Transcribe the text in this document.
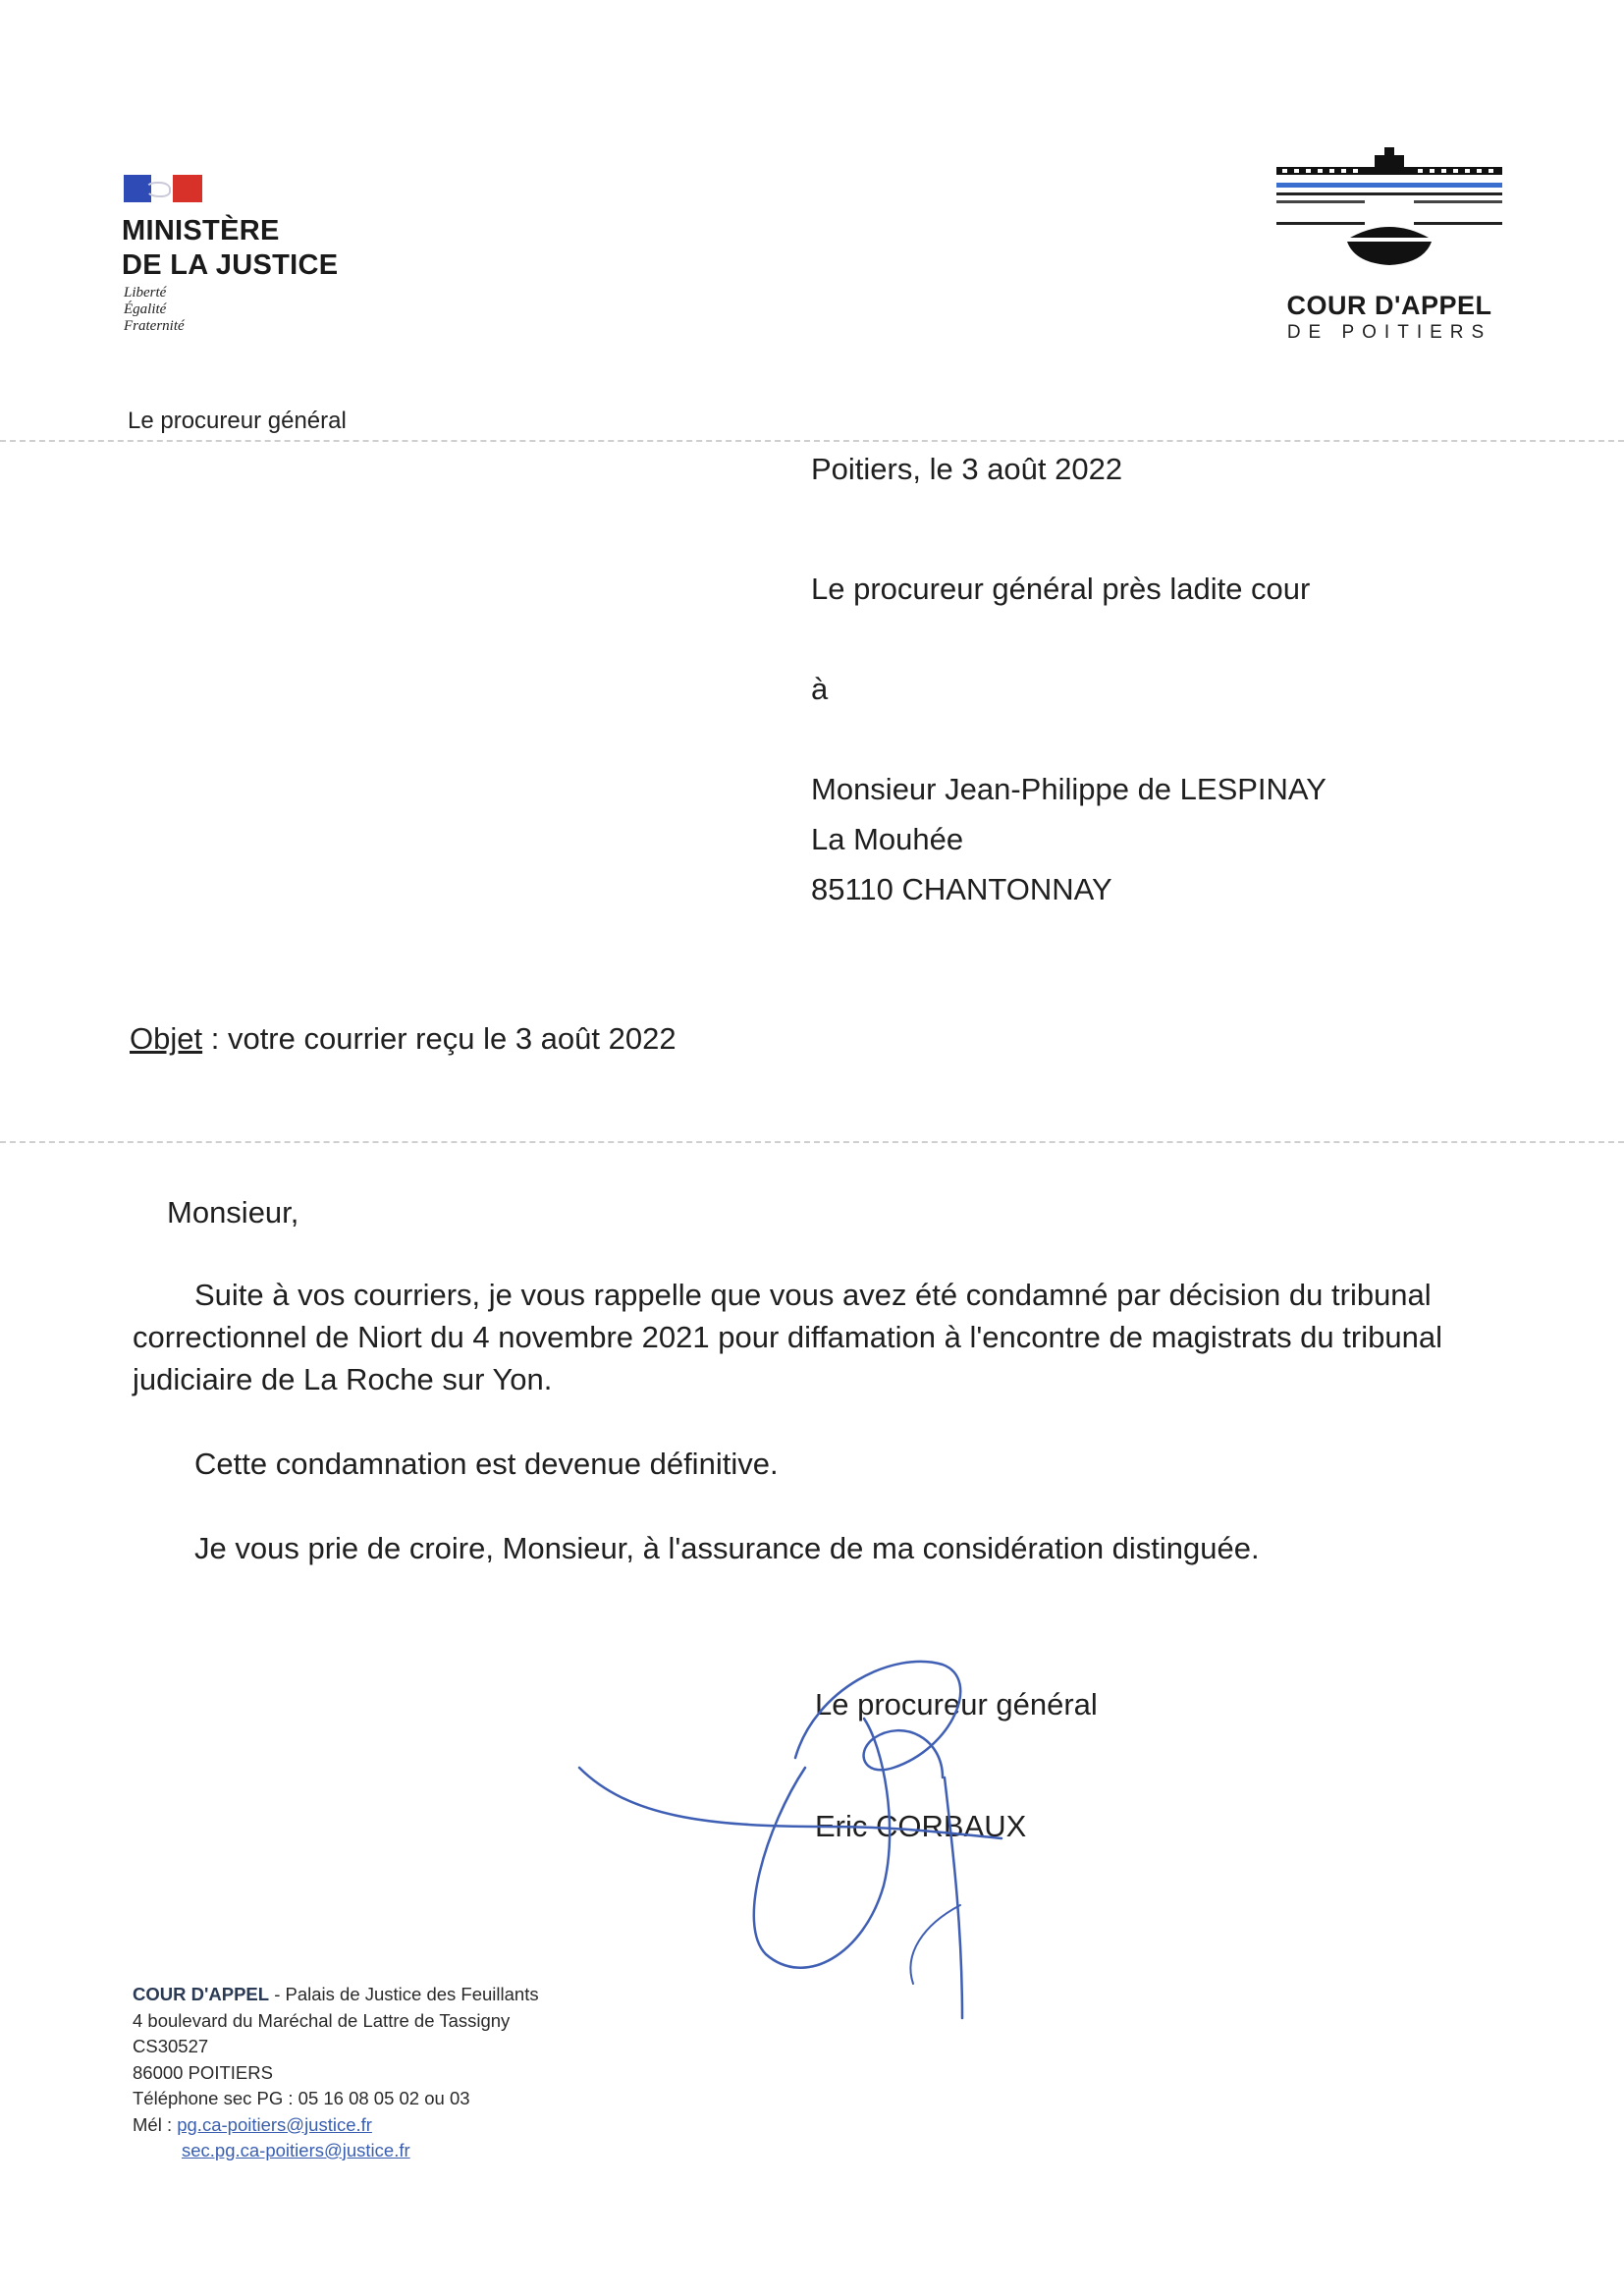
MINISTÈRE
DE LA JUSTICE
Liberté
Égalité
Fraternité
COUR D'APPEL
DE POITIERS
Le procureur général
Poitiers, le 3 août 2022
Le procureur général près ladite cour
à
Monsieur Jean-Philippe de LESPINAY
La Mouhée
85110 CHANTONNAY
Objet : votre courrier reçu le 3 août 2022
Monsieur,

Suite à vos courriers, je vous rappelle que vous avez été condamné par décision du tribunal correctionnel de Niort du 4 novembre 2021 pour diffamation à l'encontre de magistrats du tribunal judiciaire de La Roche sur Yon.

Cette condamnation est devenue définitive.

Je vous prie de croire, Monsieur, à l'assurance de ma considération distinguée.

Le procureur général
Eric CORBAUX
COUR D'APPEL - Palais de Justice des Feuillants
4 boulevard du Maréchal de Lattre de Tassigny
CS30527
86000 POITIERS
Téléphone sec PG : 05 16 08 05 02 ou 03
Mél : pg.ca-poitiers@justice.fr
sec.pg.ca-poitiers@justice.fr
